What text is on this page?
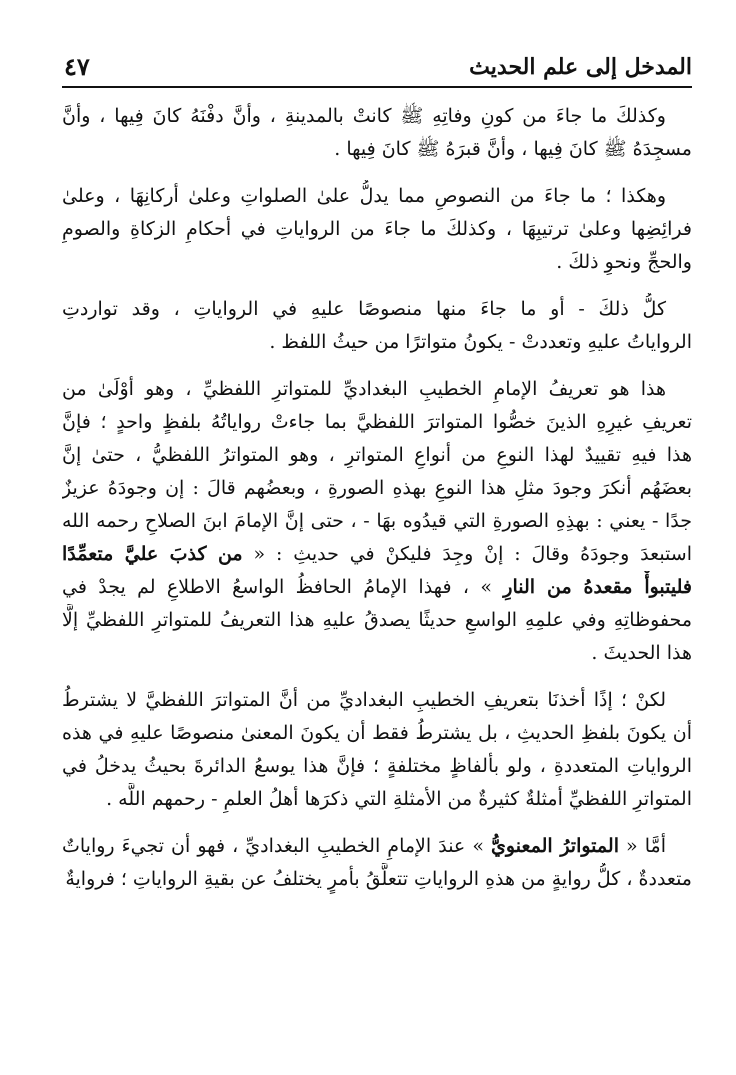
المدخل إلى علم الحديث
٤٧
وكذلكَ ما جاءَ من كونِ وفاتِهِ ﷺ كانتْ بالمدينةِ ، وأنَّ دفْنَهُ كانَ فِيها ، وأنَّ
مسجِدَهُ ﷺ كانَ فِيها ، وأنَّ قبرَهُ ﷺ كانَ فِيها .
وهكذا ؛ ما جاءَ من النصوصِ مما يدلُّ علىٰ الصلواتِ وعلىٰ أركانِهَا ، وعلىٰ
فرائِضِها وعلىٰ ترتيبِهَا ، وكذلكَ ما جاءَ من الرواياتِ في أحكامِ الزكاةِ والصومِ
والحجِّ ونحوِ ذلكَ .
كلُّ ذلكَ - أو ما جاءَ منها منصوصًا عليهِ في الرواياتِ ، وقد تواردتِ
الرواياتُ عليهِ وتعددتْ - يكونُ متواترًا من حيثُ اللفظ .
هذا هو تعريفُ الإمامِ الخطيبِ البغداديِّ للمتواترِ اللفظيِّ ، وهو أوْلَىٰ من
تعريفِ غيرِهِ الذينَ خصُّوا المتواترَ اللفظيَّ بما جاءتْ رواياتُهُ بلفظٍ واحدٍ ؛ فإنَّ
هذا فيهِ تقييدٌ لهذا النوعِ من أنواعِ المتواترِ ، وهو المتواترُ اللفظيُّ ، حتىٰ إنَّ
بعضَهُم أنكرَ وجودَ مثلِ هذا النوعِ بهذهِ الصورةِ ، وبعضُهم قالَ : إن وجودَهُ عزيزٌ
جدًا - يعني : بهذِهِ الصورةِ التي قيدُوه بهَا - ، حتى إنَّ الإمامَ ابنَ الصلاحِ رحمه الله
استبعدَ وجودَهُ وقالَ : إنْ وجِدَ فليكنْ في حديثِ : « من كذبَ عليَّ متعمِّدًا
فليتبوأْ مقعدهُ من النارِ » ، فهذا الإمامُ الحافظُ الواسعُ الاطلاعِ لم يجدْ في
محفوظاتِهِ وفي علمِهِ الواسعِ حديثًا يصدقُ عليهِ هذا التعريفُ للمتواترِ اللفظيِّ إلَّا
هذا الحديثَ .
لكنْ ؛ إذًا أخذنَا بتعريفِ الخطيبِ البغداديِّ من أنَّ المتواترَ اللفظيَّ لا يشترطُ
أن يكونَ بلفظِ الحديثِ ، بل يشترطُ فقط أن يكونَ المعنىٰ منصوصًا عليهِ في هذه
الرواياتِ المتعددةِ ، ولو بألفاظٍ مختلفةٍ ؛ فإنَّ هذا يوسعُ الدائرةَ بحيثُ يدخلُ في
المتواترِ اللفظيِّ أمثلةٌ كثيرةٌ من الأمثلةِ التي ذكرَها أهلُ العلمِ - رحمهم اللَّه .
أمَّا « المتواترُ المعنويُّ » عندَ الإمامِ الخطيبِ البغداديِّ ، فهو أن تجيءَ رواياتٌ
متعددةٌ ، كلُّ روايةٍ من هذهِ الرواياتِ تتعلَّقُ بأمرٍ يختلفُ عن بقيةِ الرواياتِ ؛ فروايةٌ
